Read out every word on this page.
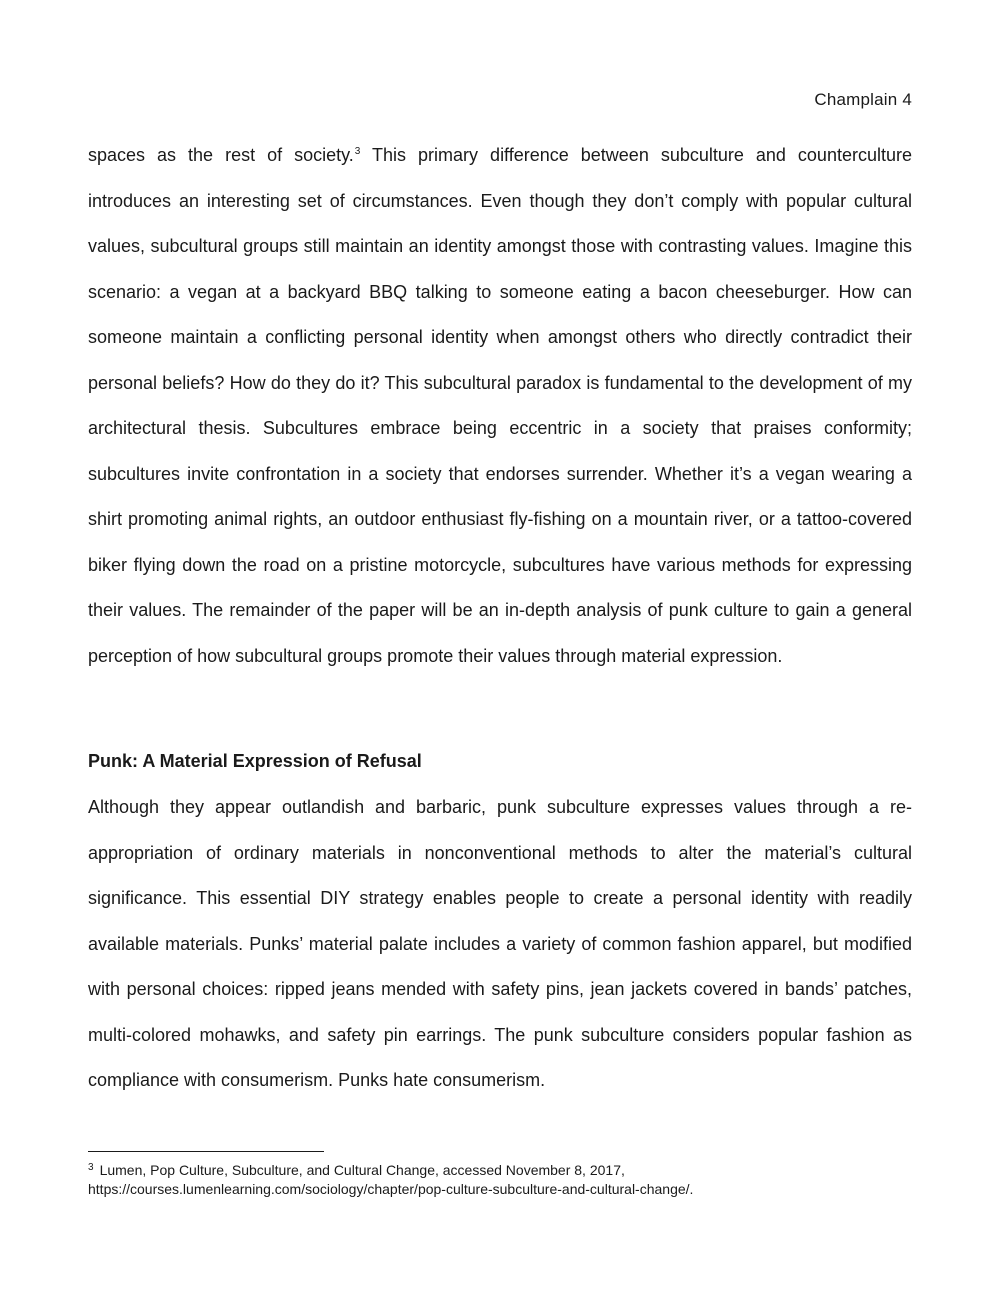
Champlain 4

spaces as the rest of society.$^3$ This primary difference between subculture and counterculture introduces an interesting set of circumstances. Even though they don’t comply with popular cultural values, subcultural groups still maintain an identity amongst those with contrasting values. Imagine this scenario: a vegan at a backyard BBQ talking to someone eating a bacon cheeseburger. How can someone maintain a conflicting personal identity when amongst others who directly contradict their personal beliefs? How do they do it? This subcultural paradox is fundamental to the development of my architectural thesis. Subcultures embrace being eccentric in a society that praises conformity; subcultures invite confrontation in a society that endorses surrender. Whether it’s a vegan wearing a shirt promoting animal rights, an outdoor enthusiast fly-fishing on a mountain river, or a tattoo-covered biker flying down the road on a pristine motorcycle, subcultures have various methods for expressing their values. The remainder of the paper will be an in-depth analysis of punk culture to gain a general perception of how subcultural groups promote their values through material expression.

Punk: A Material Expression of Refusal

Although they appear outlandish and barbaric, punk subculture expresses values through a re-appropriation of ordinary materials in nonconventional methods to alter the material’s cultural significance. This essential DIY strategy enables people to create a personal identity with readily available materials. Punks’ material palate includes a variety of common fashion apparel, but modified with personal choices: ripped jeans mended with safety pins, jean jackets covered in bands’ patches, multi-colored mohawks, and safety pin earrings. The punk subculture considers popular fashion as compliance with consumerism. Punks hate consumerism.

$^3$ Lumen, Pop Culture, Subculture, and Cultural Change, accessed November 8, 2017,
https://courses.lumenlearning.com/sociology/chapter/pop-culture-subculture-and-cultural-change/.
